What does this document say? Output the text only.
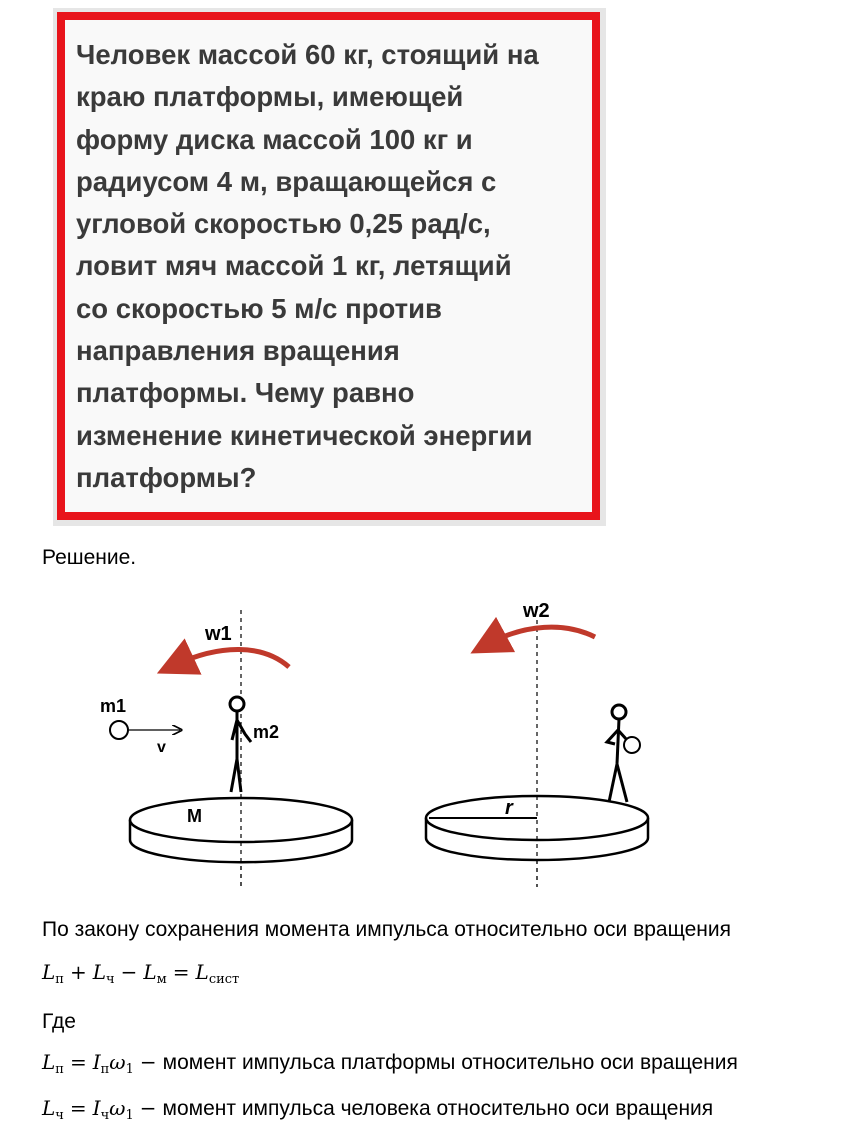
Человек массой 60 кг, стоящий на
краю платформы, имеющей
форму диска массой 100 кг и
радиусом 4 м, вращающейся с
угловой скоростью 0,25 рад/с,
ловит мяч массой 1 кг, летящий
со скоростью 5 м/с против
направления вращения
платформы. Чему равно
изменение кинетической энергии
платформы?
Решение.
w1
m1
v
m2
M
w2
r
По закону сохранения момента импульса относительно оси вращения
$L_п + L_ч - L_м = L_{сист}$
Где
$L_п = I_п\omega_1$ − момент импульса платформы относительно оси вращения
$L_ч = I_ч\omega_1$ − момент импульса человека относительно оси вращения
